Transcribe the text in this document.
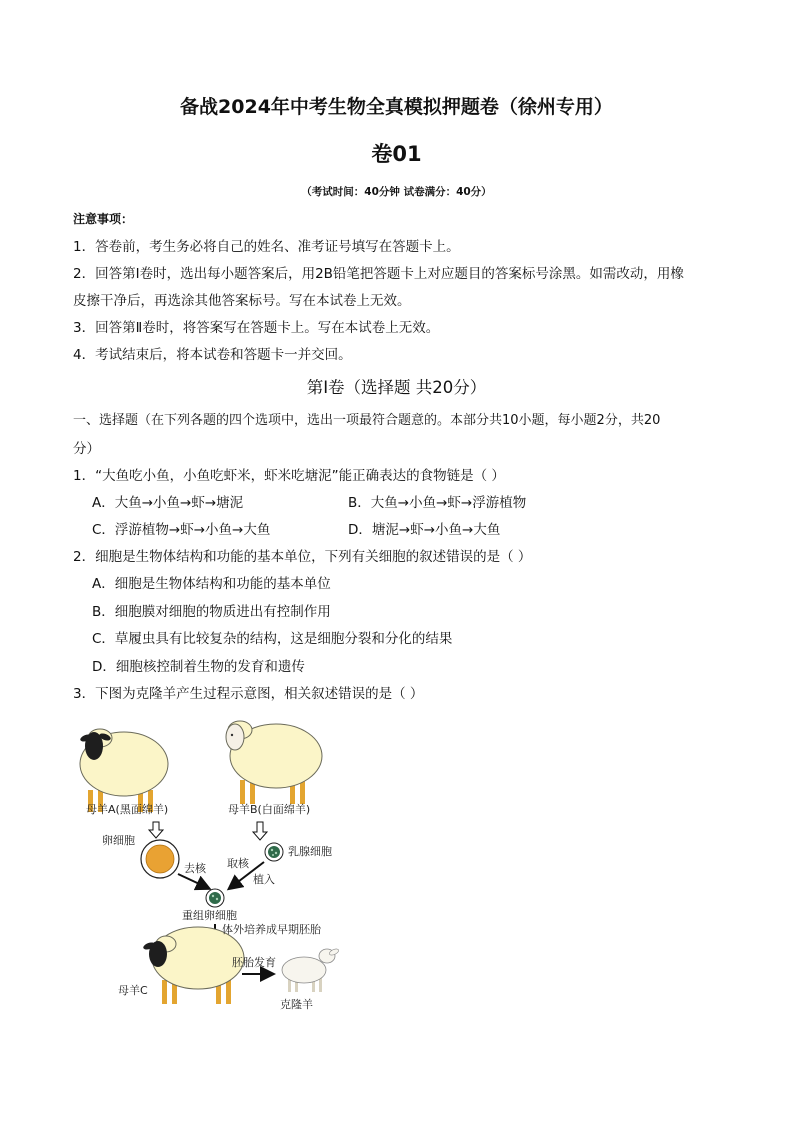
备战2024年中考生物全真模拟押题卷（徐州专用）
卷01
（考试时间：40分钟 试卷满分：40分）
注意事项：
1．答卷前，考生务必将自己的姓名、准考证号填写在答题卡上。
2．回答第Ⅰ卷时，选出每小题答案后，用2B铅笔把答题卡上对应题目的答案标号涂黑。如需改动，用橡
皮擦干净后，再选涂其他答案标号。写在本试卷上无效。
3．回答第Ⅱ卷时，将答案写在答题卡上。写在本试卷上无效。
4．考试结束后，将本试卷和答题卡一并交回。
第Ⅰ卷（选择题 共20分）
一、选择题（在下列各题的四个选项中，选出一项最符合题意的。本部分共10小题，每小题2分，共20
分）
1．“大鱼吃小鱼，小鱼吃虾米，虾米吃塘泥”能正确表达的食物链是（ ）
A．大鱼→小鱼→虾→塘泥	B．大鱼→小鱼→虾→浮游植物
C．浮游植物→虾→小鱼→大鱼	D．塘泥→虾→小鱼→大鱼
2．细胞是生物体结构和功能的基本单位，下列有关细胞的叙述错误的是（ ）
A．细胞是生物体结构和功能的基本单位
B．细胞膜对细胞的物质进出有控制作用
C．草履虫具有比较复杂的结构，这是细胞分裂和分化的结果
D．细胞核控制着生物的发育和遗传
3．下图为克隆羊产生过程示意图，相关叙述错误的是（ ）
母羊A(黑面绵羊)	母羊B(白面绵羊)
卵细胞
乳腺细胞
去核 取核
植入
重组卵细胞
体外培养成早期胚胎
母羊C
胚胎发育
克隆羊
